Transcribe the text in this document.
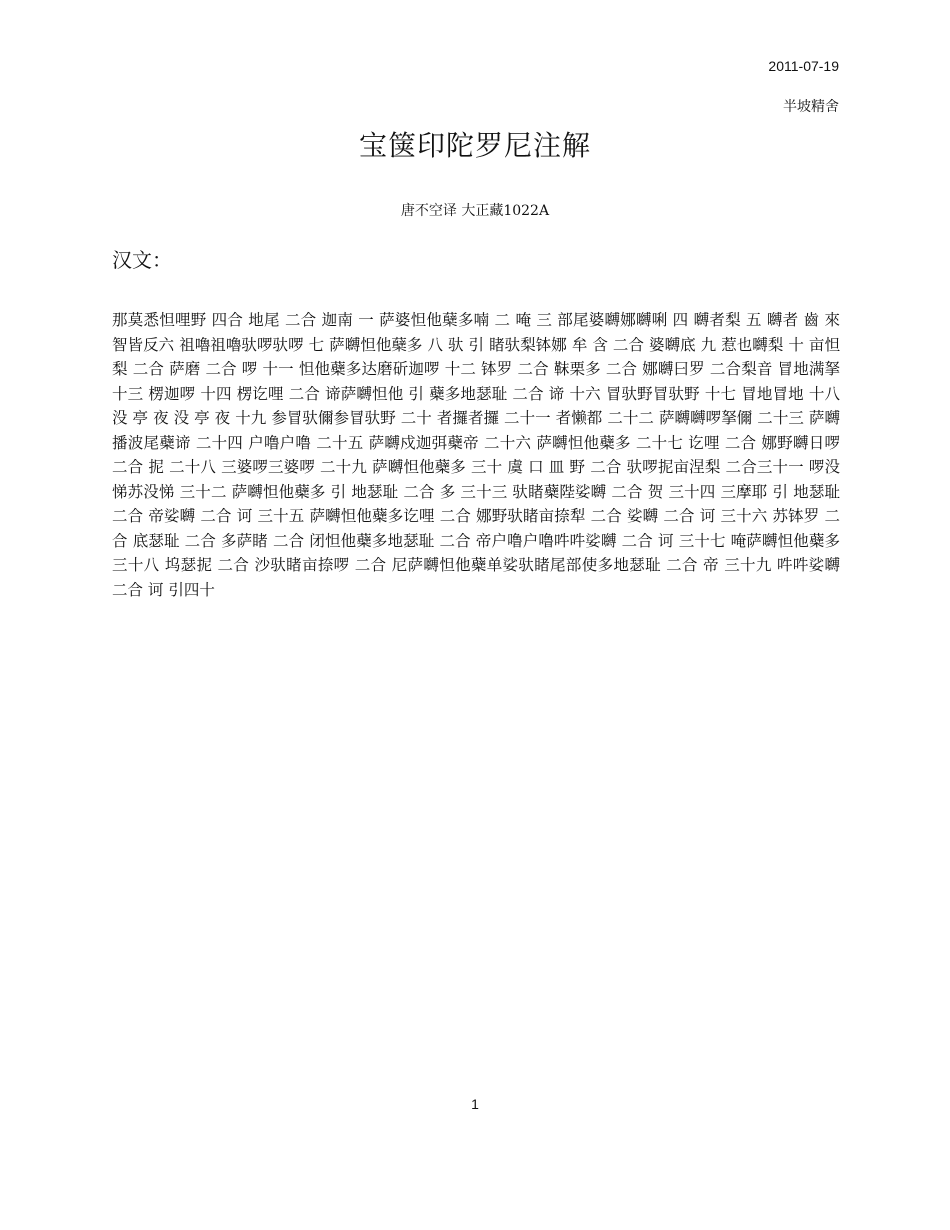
2011-07-19
半坡精舍
宝箧印陀罗尼注解
唐不空译 大正藏1022A
汉文：
那莫悉怛哩野 四合 地尾 二合 迦南 一 萨婆怛他蘖多喃 二 唵 三 部尾婆嚩娜嚩唎 四 嚩者梨 五 嚩者 齒 來 智皆反六 祖嚕祖嚕驮啰驮啰 七 萨嚩怛他蘖多 八 驮 引 睹驮梨钵娜 牟 含 二合 婆嚩底 九 惹也嚩梨 十 亩怛梨 二合 萨磨 二合 啰 十一 怛他蘗多达磨斫迦啰 十二 钵罗 二合 靺栗多 二合 娜嚩曰罗 二合梨音 冒地满拏 十三 楞迦啰 十四 楞讫哩 二合 谛萨嚩怛他 引 蘗多地瑟耻 二合 谛 十六 冒驮野冒驮野 十七 冒地冒地 十八 没 亭 夜 没 亭 夜 十九 参冒驮儞参冒驮野 二十 者攞者攞 二十一 者懒都 二十二 萨嚩嚩啰拏儞 二十三 萨嚩播波尾蘗谛 二十四 户噜户噜 二十五 萨嚩戍迦弭蘗帝 二十六 萨嚩怛他蘗多 二十七 讫哩 二合 娜野嚩日啰 二合 抳 二十八 三婆啰三婆啰 二十九 萨嚩怛他蘗多 三十 虞 口 皿 野 二合 驮啰抳亩涅梨 二合三十一 啰没悌苏没悌 三十二 萨嚩怛他蘗多 引 地瑟耻 二合 多 三十三 驮睹蘗陛娑嚩 二合 贺 三十四 三摩耶 引 地瑟耻 二合 帝娑嚩 二合 诃 三十五 萨嚩怛他蘗多讫哩 二合 娜野驮睹亩捺犁 二合 娑嚩 二合 诃 三十六 苏钵罗 二合 底瑟耻 二合 多萨睹 二合 闭怛他蘗多地瑟耻 二合 帝户噜户噜吽吽娑嚩 二合 诃 三十七 唵萨嚩怛他蘗多 三十八 坞瑟抳 二合 沙驮睹亩捺啰 二合 尼萨嚩怛他蘗单娑驮睹尾部使多地瑟耻 二合 帝 三十九 吽吽娑嚩 二合 诃 引四十
1
